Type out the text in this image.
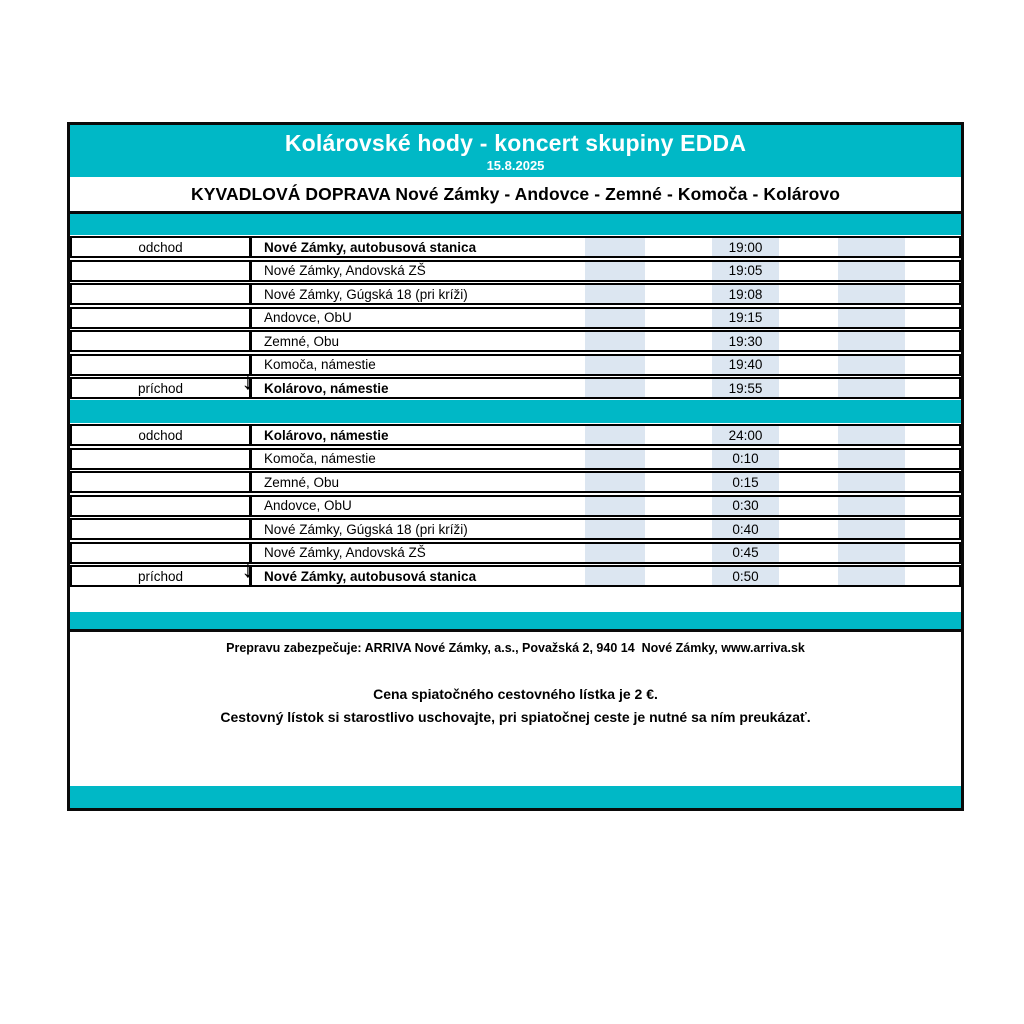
Kolárovské hody - koncert skupiny EDDA
15.8.2025
KYVADLOVÁ DOPRAVA Nové Zámky - Andovce - Zemné - Komoča - Kolárovo
odchod	Nové Zámky, autobusová stanica	19:00
Nové Zámky, Andovská ZŠ	19:05
Nové Zámky, Gúgská 18 (pri kríži)	19:08
Andovce, ObU	19:15
Zemné, Obu	19:30
Komoča, námestie	19:40
príchod	↓ Kolárovo, námestie	19:55
odchod	Kolárovo, námestie	24:00
Komoča, námestie	0:10
Zemné, Obu	0:15
Andovce, ObU	0:30
Nové Zámky, Gúgská 18 (pri kríži)	0:40
Nové Zámky, Andovská ZŠ	0:45
príchod	↓ Nové Zámky, autobusová stanica	0:50
Prepravu zabezpečuje: ARRIVA Nové Zámky, a.s., Považská 2, 940 14  Nové Zámky, www.arriva.sk
Cena spiatočného cestovného lístka je 2 €.
Cestovný lístok si starostlivo uschovajte, pri spiatočnej ceste je nutné sa ním preukázať.
